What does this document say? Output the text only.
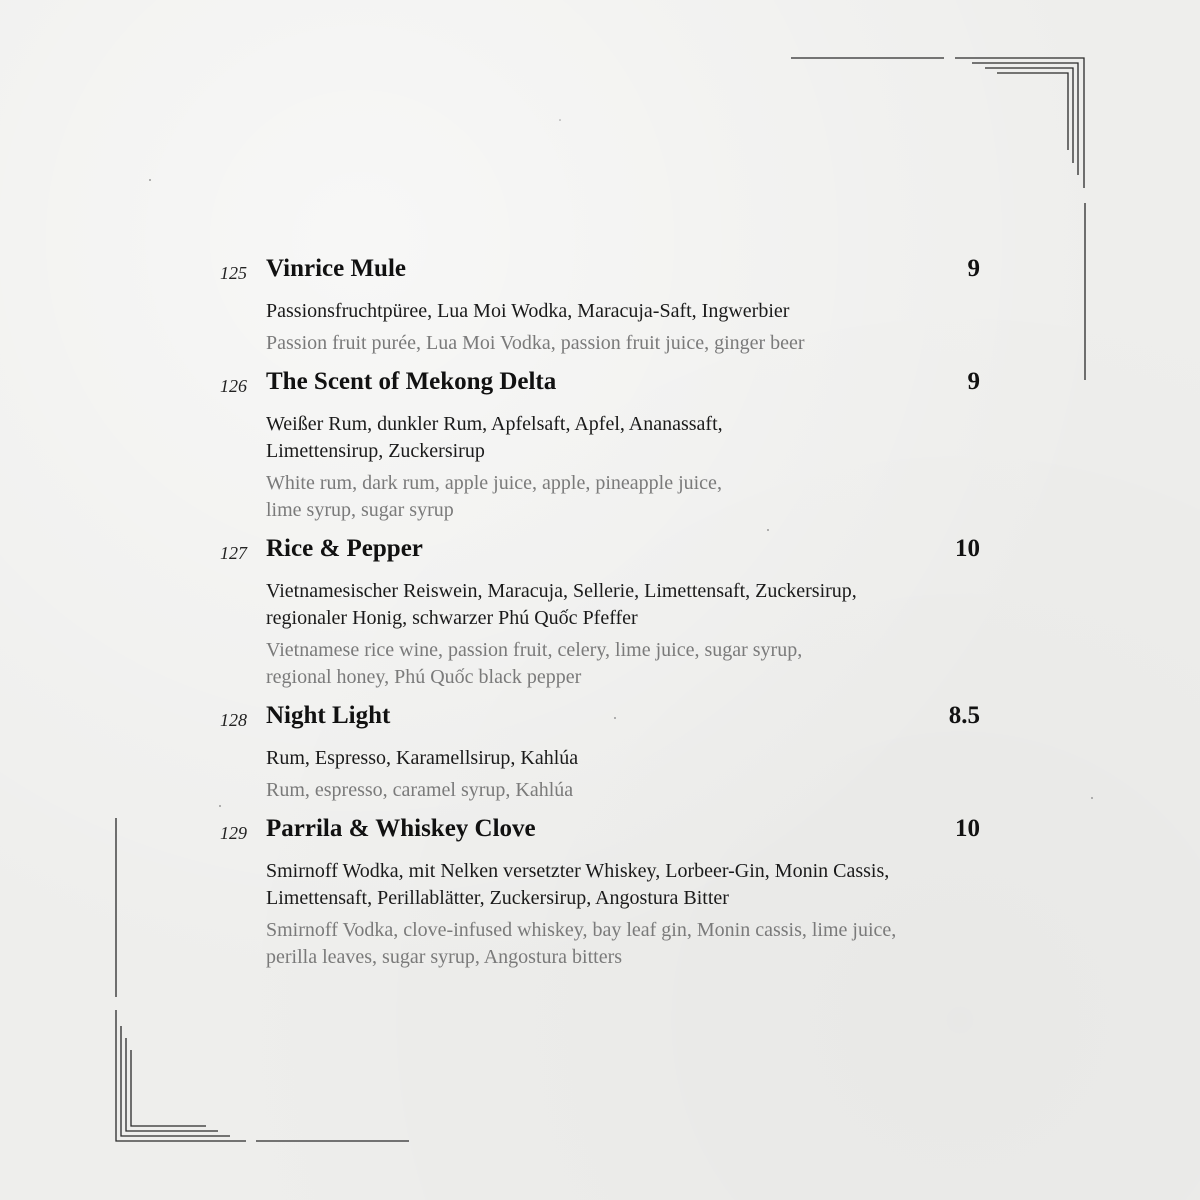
125 Vinrice Mule	9
Passionsfruchtpüree, Lua Moi Wodka, Maracuja-Saft, Ingwerbier
Passion fruit purée, Lua Moi Vodka, passion fruit juice, ginger beer
126 The Scent of Mekong Delta	9
Weißer Rum, dunkler Rum, Apfelsaft, Apfel, Ananassaft,
Limettensirup, Zuckersirup
White rum, dark rum, apple juice, apple, pineapple juice,
lime syrup, sugar syrup
127 Rice & Pepper	10
Vietnamesischer Reiswein, Maracuja, Sellerie, Limettensaft, Zuckersirup,
regionaler Honig, schwarzer Phú Quốc Pfeffer
Vietnamese rice wine, passion fruit, celery, lime juice, sugar syrup,
regional honey, Phú Quốc black pepper
128 Night Light	8.5
Rum, Espresso, Karamellsirup, Kahlúa
Rum, espresso, caramel syrup, Kahlúa
129 Parrila & Whiskey Clove	10
Smirnoff Wodka, mit Nelken versetzter Whiskey, Lorbeer-Gin, Monin Cassis,
Limettensaft, Perillablätter, Zuckersirup, Angostura Bitter
Smirnoff Vodka, clove-infused whiskey, bay leaf gin, Monin cassis, lime juice,
perilla leaves, sugar syrup, Angostura bitters
